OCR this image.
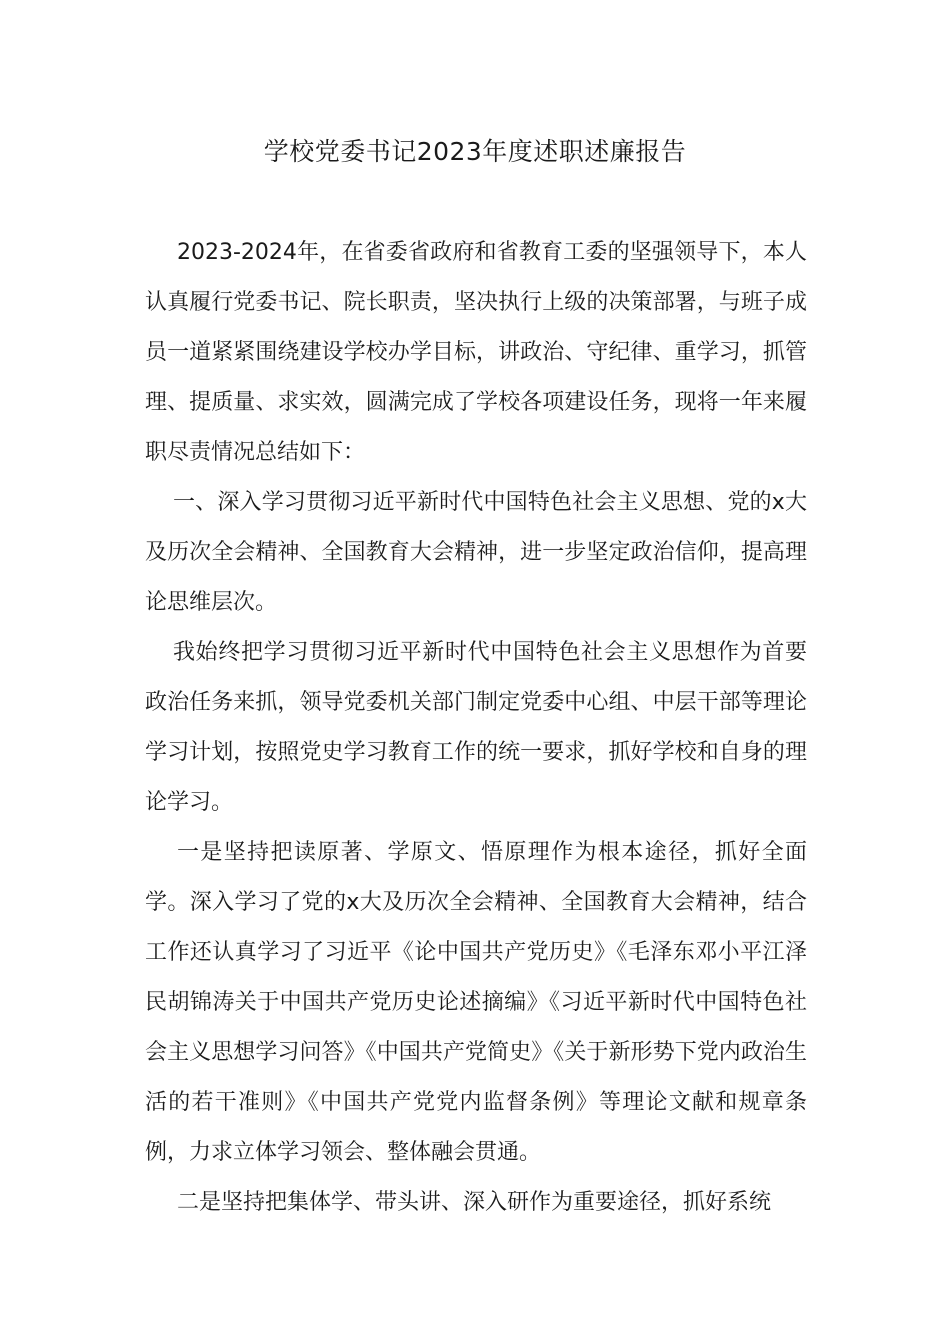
学校党委书记2023年度述职述廉报告

2023-2024年，在省委省政府和省教育工委的坚强领导下，本人认真履行党委书记、院长职责，坚决执行上级的决策部署，与班子成员一道紧紧围绕建设学校办学目标，讲政治、守纪律、重学习，抓管理、提质量、求实效，圆满完成了学校各项建设任务，现将一年来履职尽责情况总结如下：

一、深入学习贯彻习近平新时代中国特色社会主义思想、党的x大及历次全会精神、全国教育大会精神，进一步坚定政治信仰，提高理论思维层次。

我始终把学习贯彻习近平新时代中国特色社会主义思想作为首要政治任务来抓，领导党委机关部门制定党委中心组、中层干部等理论学习计划，按照党史学习教育工作的统一要求，抓好学校和自身的理论学习。

一是坚持把读原著、学原文、悟原理作为根本途径，抓好全面学。深入学习了党的x大及历次全会精神、全国教育大会精神，结合工作还认真学习了习近平《论中国共产党历史》《毛泽东邓小平江泽民胡锦涛关于中国共产党历史论述摘编》《习近平新时代中国特色社会主义思想学习问答》《中国共产党简史》《关于新形势下党内政治生活的若干准则》《中国共产党党内监督条例》等理论文献和规章条例，力求立体学习领会、整体融会贯通。

二是坚持把集体学、带头讲、深入研作为重要途径，抓好系统
